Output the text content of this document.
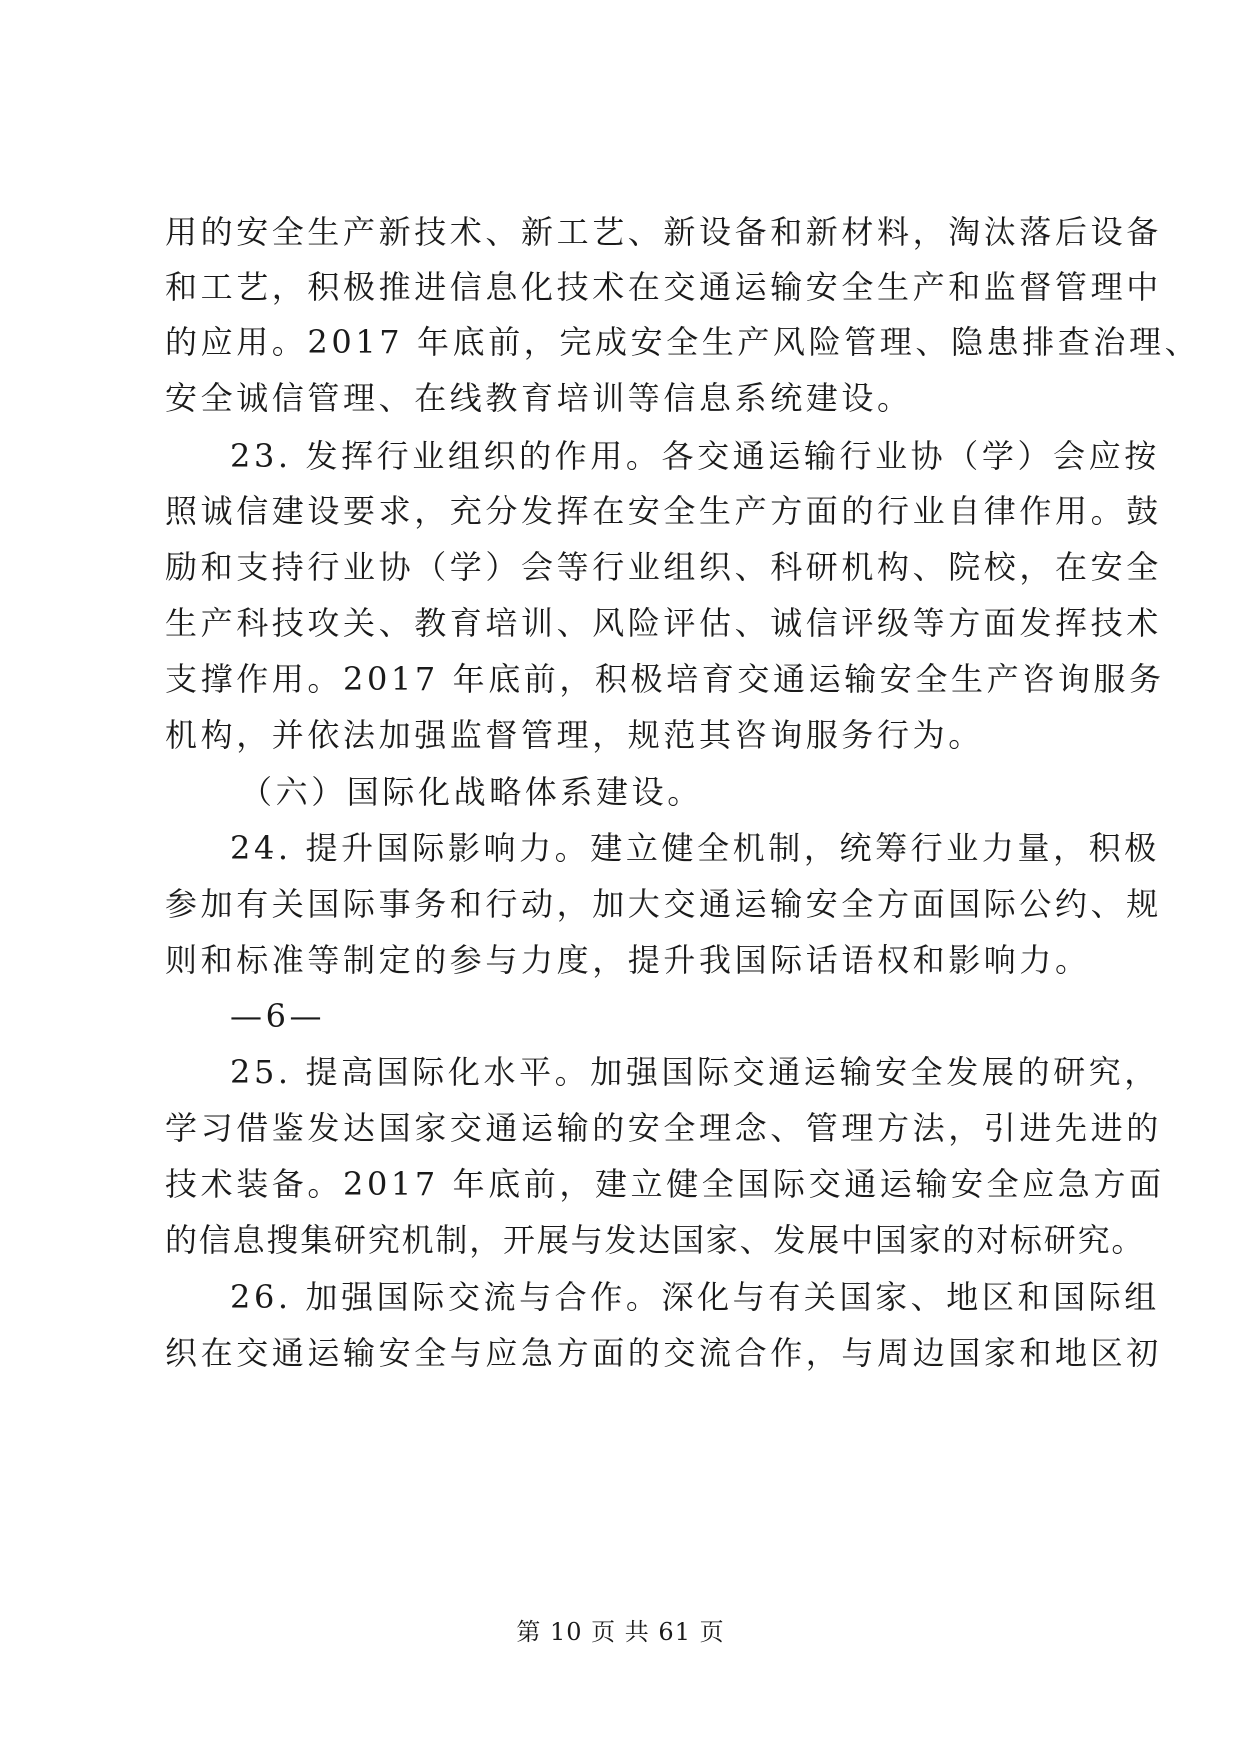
用的安全生产新技术、新工艺、新设备和新材料，淘汰落后设备
和工艺，积极推进信息化技术在交通运输安全生产和监督管理中
的应用。2017 年底前，完成安全生产风险管理、隐患排查治理、
安全诚信管理、在线教育培训等信息系统建设。
23. 发挥行业组织的作用。各交通运输行业协（学）会应按
照诚信建设要求，充分发挥在安全生产方面的行业自律作用。鼓
励和支持行业协（学）会等行业组织、科研机构、院校，在安全
生产科技攻关、教育培训、风险评估、诚信评级等方面发挥技术
支撑作用。2017 年底前，积极培育交通运输安全生产咨询服务
机构，并依法加强监督管理，规范其咨询服务行为。
（六）国际化战略体系建设。
24. 提升国际影响力。建立健全机制，统筹行业力量，积极
参加有关国际事务和行动，加大交通运输安全方面国际公约、规
则和标准等制定的参与力度，提升我国际话语权和影响力。
—6—
25. 提高国际化水平。加强国际交通运输安全发展的研究，
学习借鉴发达国家交通运输的安全理念、管理方法，引进先进的
技术装备。2017 年底前，建立健全国际交通运输安全应急方面
的信息搜集研究机制，开展与发达国家、发展中国家的对标研究。
26. 加强国际交流与合作。深化与有关国家、地区和国际组
织在交通运输安全与应急方面的交流合作，与周边国家和地区初
第 10 页 共 61 页
